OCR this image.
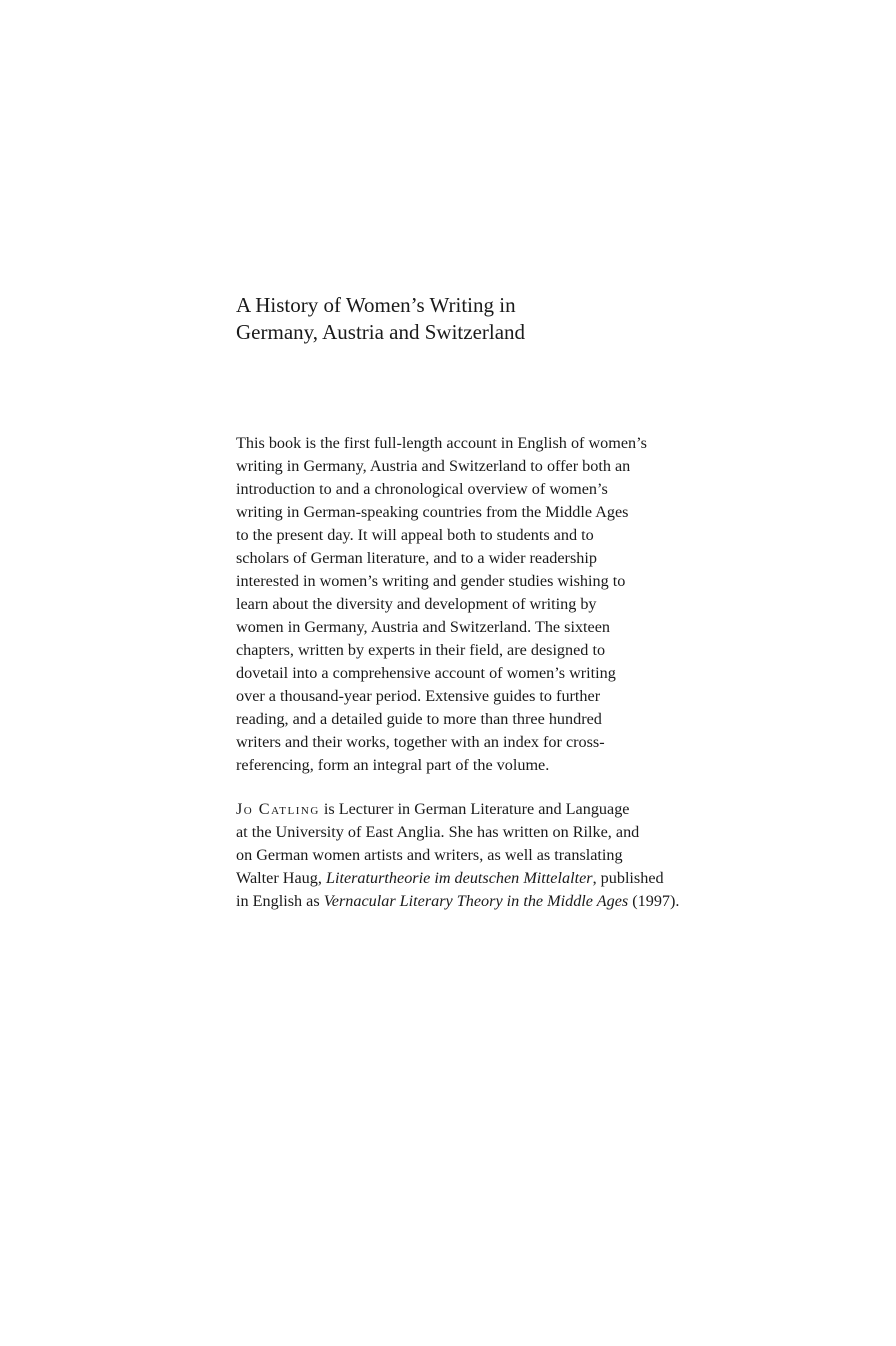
A History of Women’s Writing in
Germany, Austria and Switzerland
This book is the first full-length account in English of women’s
writing in Germany, Austria and Switzerland to offer both an
introduction to and a chronological overview of women’s
writing in German-speaking countries from the Middle Ages
to the present day. It will appeal both to students and to
scholars of German literature, and to a wider readership
interested in women’s writing and gender studies wishing to
learn about the diversity and development of writing by
women in Germany, Austria and Switzerland. The sixteen
chapters, written by experts in their field, are designed to
dovetail into a comprehensive account of women’s writing
over a thousand-year period. Extensive guides to further
reading, and a detailed guide to more than three hundred
writers and their works, together with an index for cross-
referencing, form an integral part of the volume.
Jo Catling is Lecturer in German Literature and Language
at the University of East Anglia. She has written on Rilke, and
on German women artists and writers, as well as translating
Walter Haug, Literaturtheorie im deutschen Mittelalter, published
in English as Vernacular Literary Theory in the Middle Ages (1997).
